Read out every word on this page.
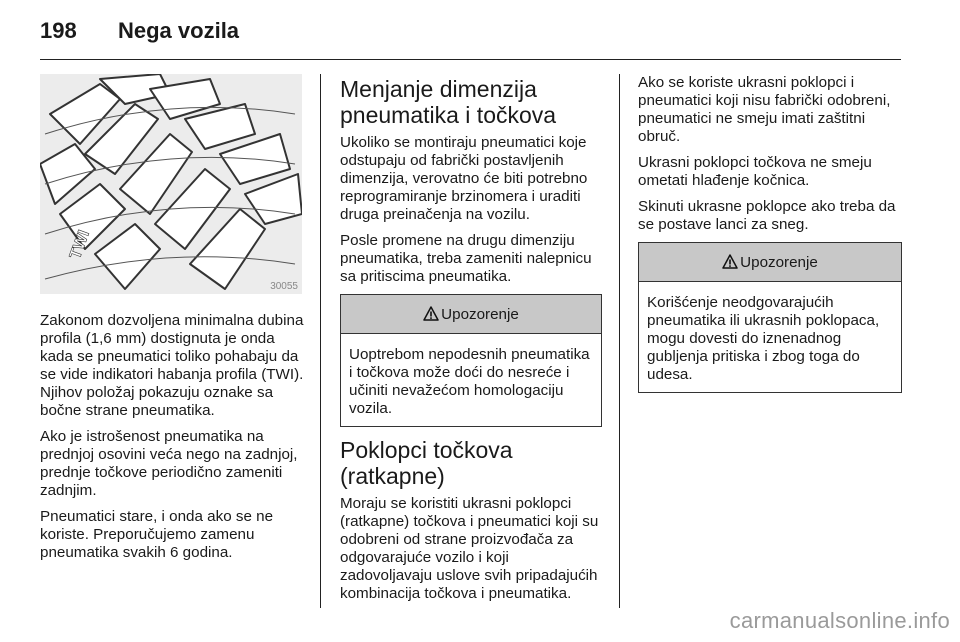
198 Nega vozila
TWI
30055

Zakonom dozvoljena minimalna dubina profila (1,6 mm) dostignuta je onda kada se pneumatici toliko pohabaju da se vide indikatori habanja profila (TWI). Njihov položaj pokazuju oznake sa bočne strane pneumatika.

Ako je istrošenost pneumatika na prednjoj osovini veća nego na zadnjoj, prednje točkove periodično zameniti zadnjim.

Pneumatici stare, i onda ako se ne koriste. Preporučujemo zamenu pneumatika svakih 6 godina.

Menjanje dimenzija pneumatika i točkova

Ukoliko se montiraju pneumatici koje odstupaju od fabrički postavljenih dimenzija, verovatno će biti potrebno reprogramiranje brzinomera i uraditi druga preinačenja na vozilu.

Posle promene na drugu dimenziju pneumatika, treba zameniti nalepnicu sa pritiscima pneumatika.

Upozorenje
Uoptrebom nepodesnih pneumatika i točkova može doći do nesreće i učiniti nevažećom homologaciju vozila.
Poklopci točkova (ratkapne)

Moraju se koristiti ukrasni poklopci (ratkapne) točkova i pneumatici koji su odobreni od strane proizvođača za odgovarajuće vozilo i koji zadovoljavaju uslove svih pripadajućih kombinacija točkova i pneumatika.

Ako se koriste ukrasni poklopci i pneumatici koji nisu fabrički odobreni, pneumatici ne smeju imati zaštitni obruč.

Ukrasni poklopci točkova ne smeju ometati hlađenje kočnica.

Skinuti ukrasne poklopce ako treba da se postave lanci za sneg.

Upozorenje
Korišćenje neodgovarajućih pneumatika ili ukrasnih poklopaca, mogu dovesti do iznenadnog gubljenja pritiska i zbog toga do udesa.
carmanualsonline.info
